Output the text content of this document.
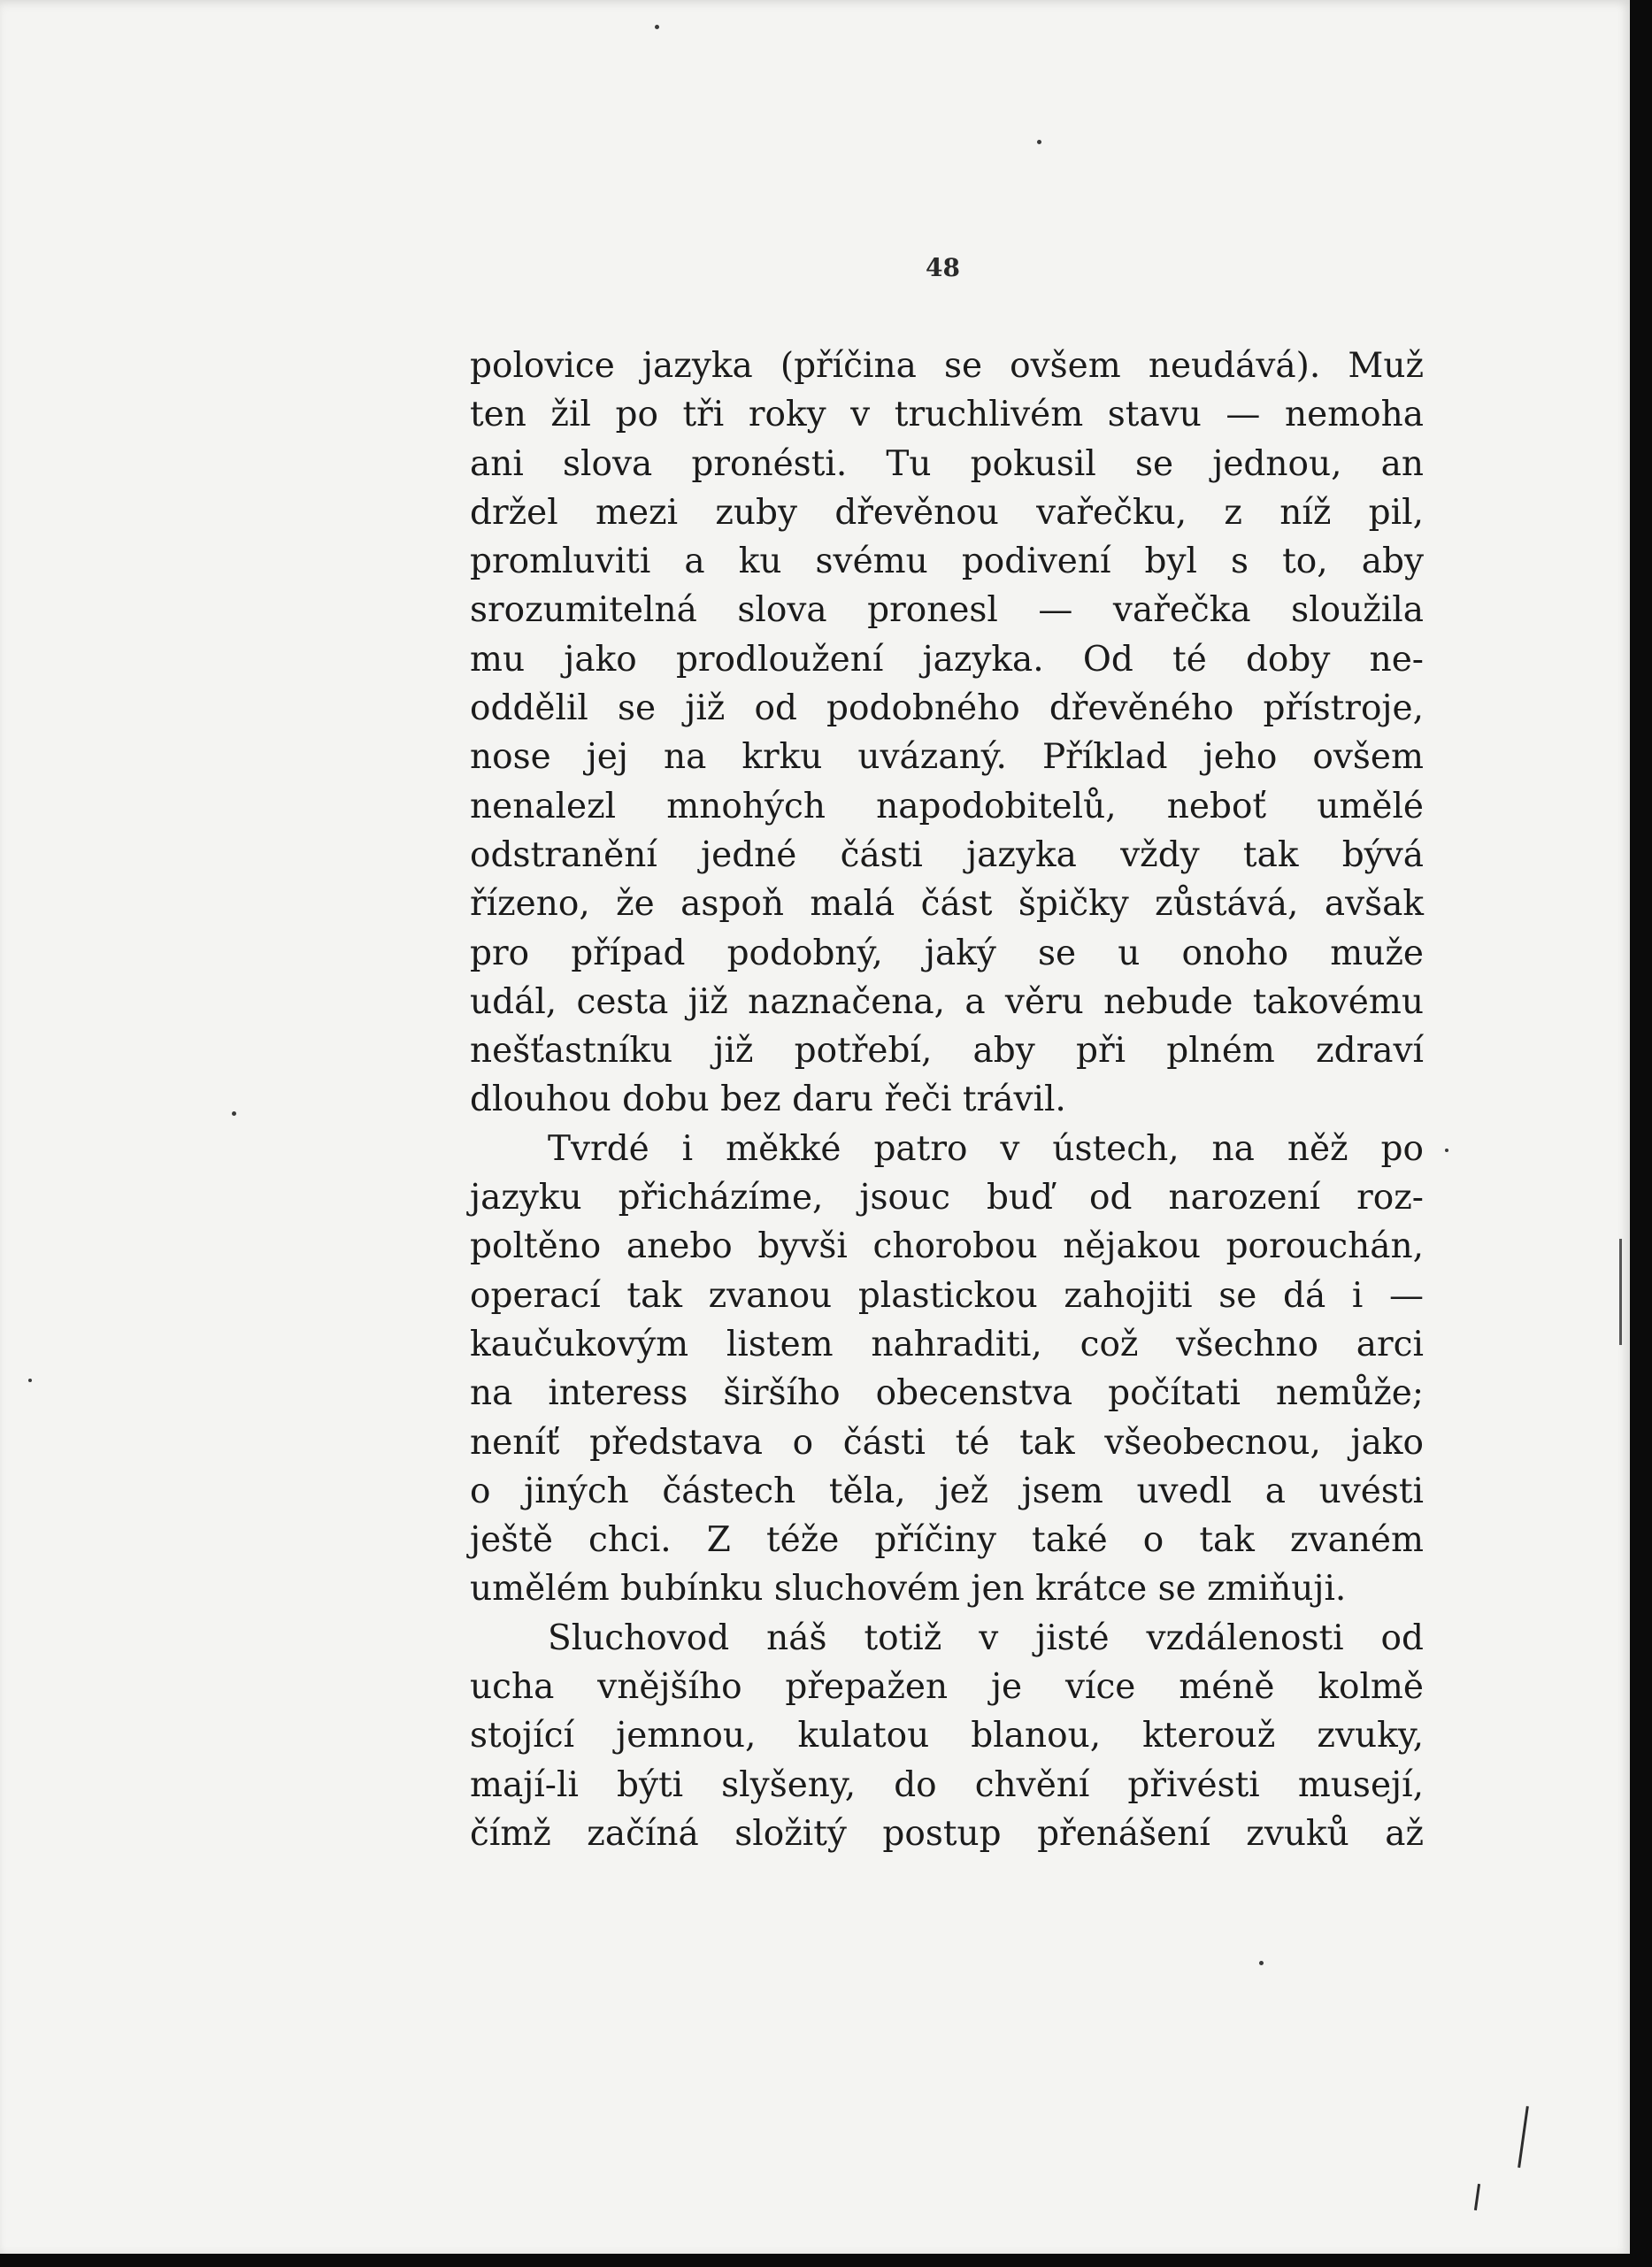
48
polovice jazyka (příčina se ovšem neudává). Muž
ten žil po tři roky v truchlivém stavu — nemoha
ani slova pronésti. Tu pokusil se jednou, an
držel mezi zuby dřevěnou vařečku, z níž pil,
promluviti a ku svému podivení byl s to, aby
srozumitelná slova pronesl — vařečka sloužila
mu jako prodloužení jazyka. Od té doby ne-
oddělil se již od podobného dřevěného přístroje,
nose jej na krku uvázaný. Příklad jeho ovšem
nenalezl mnohých napodobitelů, neboť umělé
odstranění jedné části jazyka vždy tak bývá
řízeno, že aspoň malá část špičky zůstává, avšak
pro případ podobný, jaký se u onoho muže
udál, cesta již naznačena, a věru nebude takovému
nešťastníku již potřebí, aby při plném zdraví
dlouhou dobu bez daru řeči trávil.
Tvrdé i měkké patro v ústech, na něž po
jazyku přicházíme, jsouc buď od narození roz-
poltěno anebo byvši chorobou nějakou porouchán,
operací tak zvanou plastickou zahojiti se dá i —
kaučukovým listem nahraditi, což všechno arci
na interess širšího obecenstva počítati nemůže;
neníť představa o části té tak všeobecnou, jako
o jiných částech těla, jež jsem uvedl a uvésti
ještě chci. Z téže příčiny také o tak zvaném
umělém bubínku sluchovém jen krátce se zmiňuji.
Sluchovod náš totiž v jisté vzdálenosti od
ucha vnějšího přepažen je více méně kolmě
stojící jemnou, kulatou blanou, kterouž zvuky,
mají-li býti slyšeny, do chvění přivésti musejí,
čímž začíná složitý postup přenášení zvuků až
